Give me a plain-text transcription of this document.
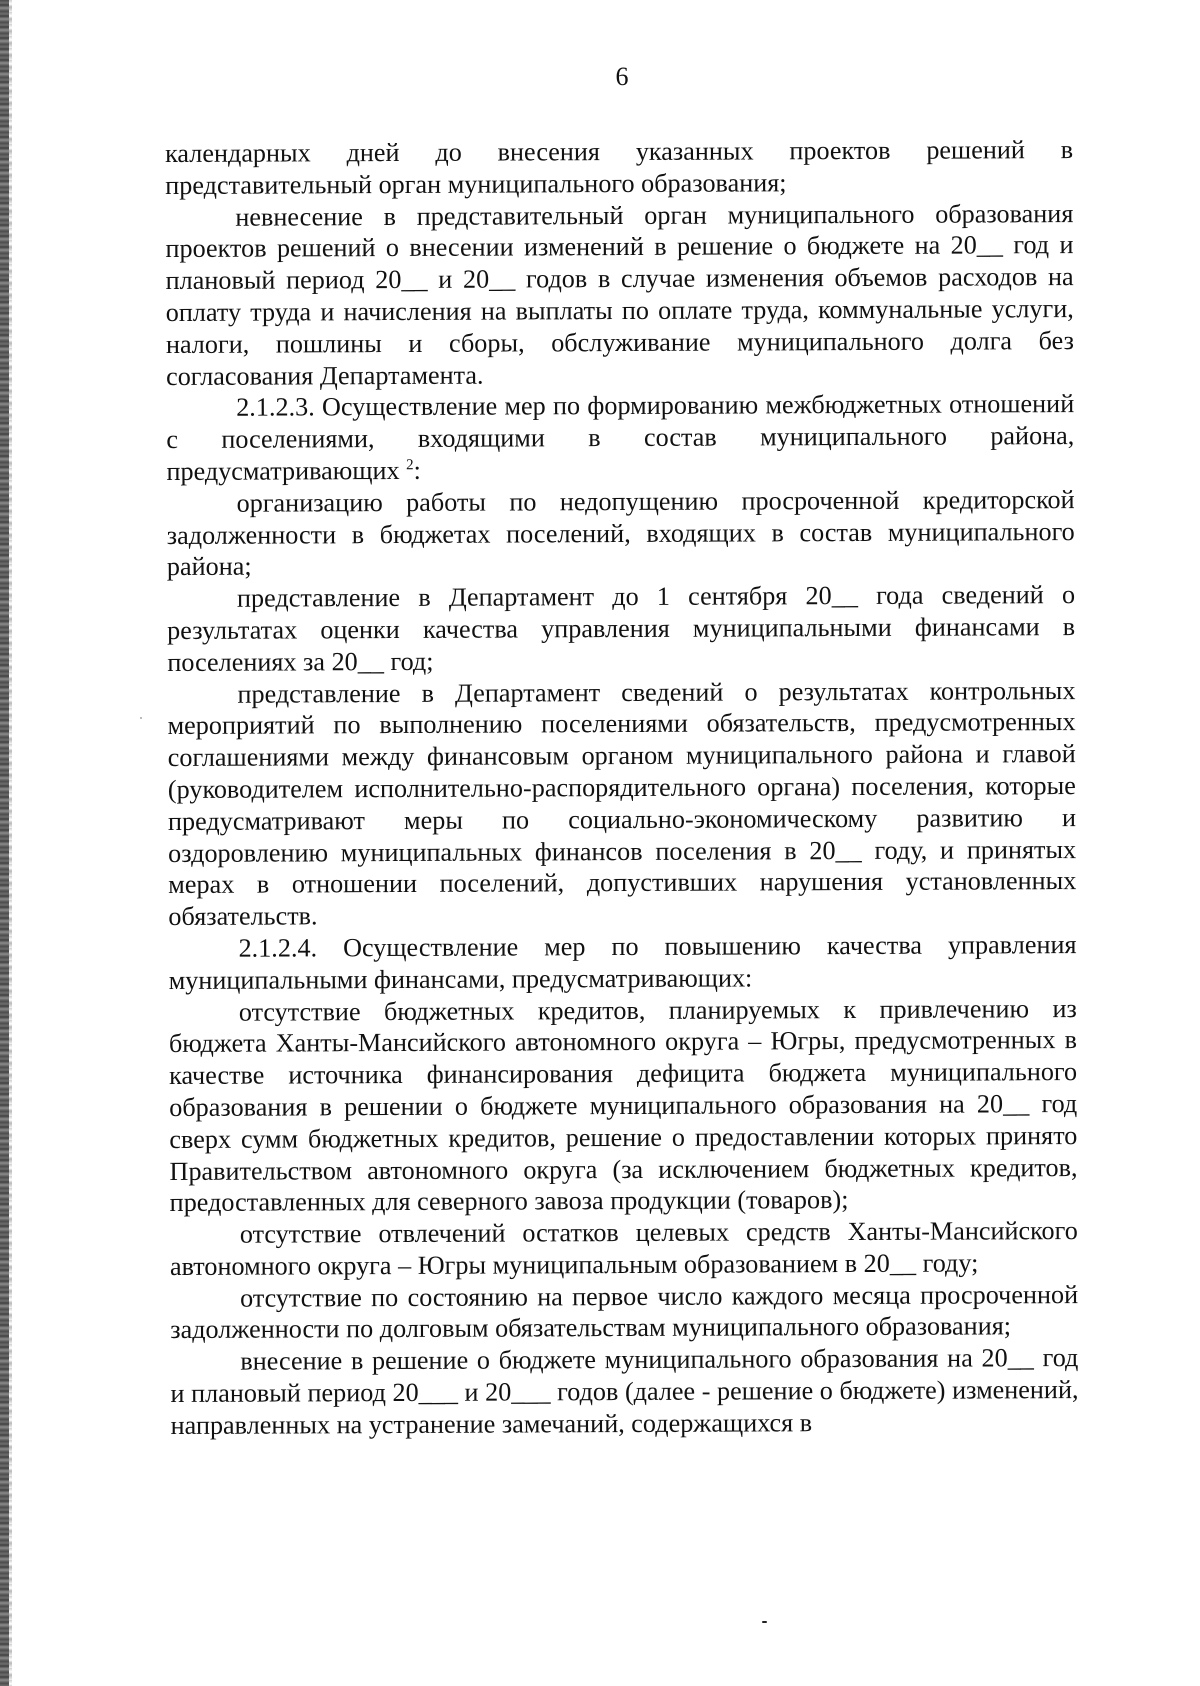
6

календарных дней до внесения указанных проектов решений в представительный орган муниципального образования;

невнесение в представительный орган муниципального образования проектов решений о внесении изменений в решение о бюджете на 20__ год и плановый период 20__ и 20__ годов в случае изменения объемов расходов на оплату труда и начисления на выплаты по оплате труда, коммунальные услуги, налоги, пошлины и сборы, обслуживание муниципального долга без согласования Департамента.

2.1.2.3. Осуществление мер по формированию межбюджетных отношений с поселениями, входящими в состав муниципального района, предусматривающих $^2$:

организацию работы по недопущению просроченной кредиторской задолженности в бюджетах поселений, входящих в состав муниципального района;

представление в Департамент до 1 сентября 20__ года сведений о результатах оценки качества управления муниципальными финансами в поселениях за 20__ год;

представление в Департамент сведений о результатах контрольных мероприятий по выполнению поселениями обязательств, предусмотренных соглашениями между финансовым органом муниципального района и главой (руководителем исполнительно-распорядительного органа) поселения, которые предусматривают меры по социально-экономическому развитию и оздоровлению муниципальных финансов поселения в 20__ году, и принятых мерах в отношении поселений, допустивших нарушения установленных обязательств.

2.1.2.4. Осуществление мер по повышению качества управления муниципальными финансами, предусматривающих:

отсутствие бюджетных кредитов, планируемых к привлечению из бюджета Ханты-Мансийского автономного округа – Югры, предусмотренных в качестве источника финансирования дефицита бюджета муниципального образования в решении о бюджете муниципального образования на 20__ год сверх сумм бюджетных кредитов, решение о предоставлении которых принято Правительством автономного округа (за исключением бюджетных кредитов, предоставленных для северного завоза продукции (товаров);

отсутствие отвлечений остатков целевых средств Ханты-Мансийского автономного округа – Югры муниципальным образованием в 20__ году;

отсутствие по состоянию на первое число каждого месяца просроченной задолженности по долговым обязательствам муниципального образования;

внесение в решение о бюджете муниципального образования на 20__ год и плановый период 20___ и 20___ годов (далее - решение о бюджете) изменений, направленных на устранение замечаний, содержащихся в
